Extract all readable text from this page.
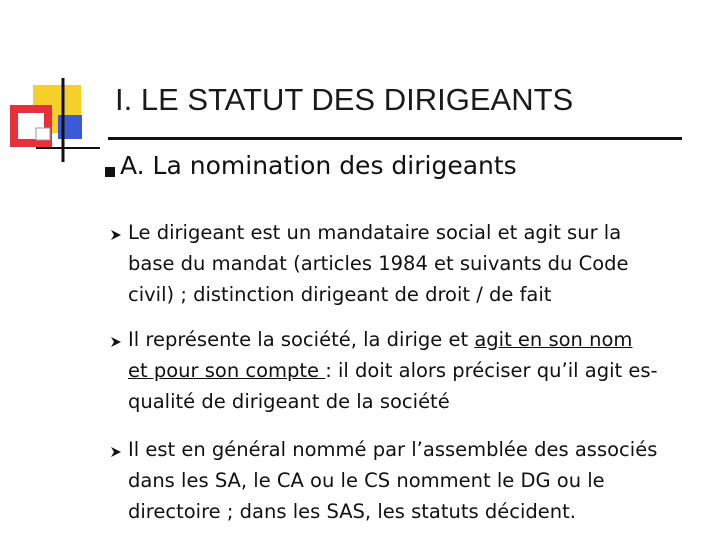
I. LE STATUT DES DIRIGEANTS
A. La nomination des dirigeants
Le dirigeant est un mandataire social et agit sur la
base du mandat (articles 1984 et suivants du Code
civil) ; distinction dirigeant de droit / de fait
Il représente la société, la dirige et agit en son nom
et pour son compte : il doit alors préciser qu’il agit es-
qualité de dirigeant de la société
Il est en général nommé par l’assemblée des associés
dans les SA, le CA ou le CS nomment le DG ou le
directoire ; dans les SAS, les statuts décident.
